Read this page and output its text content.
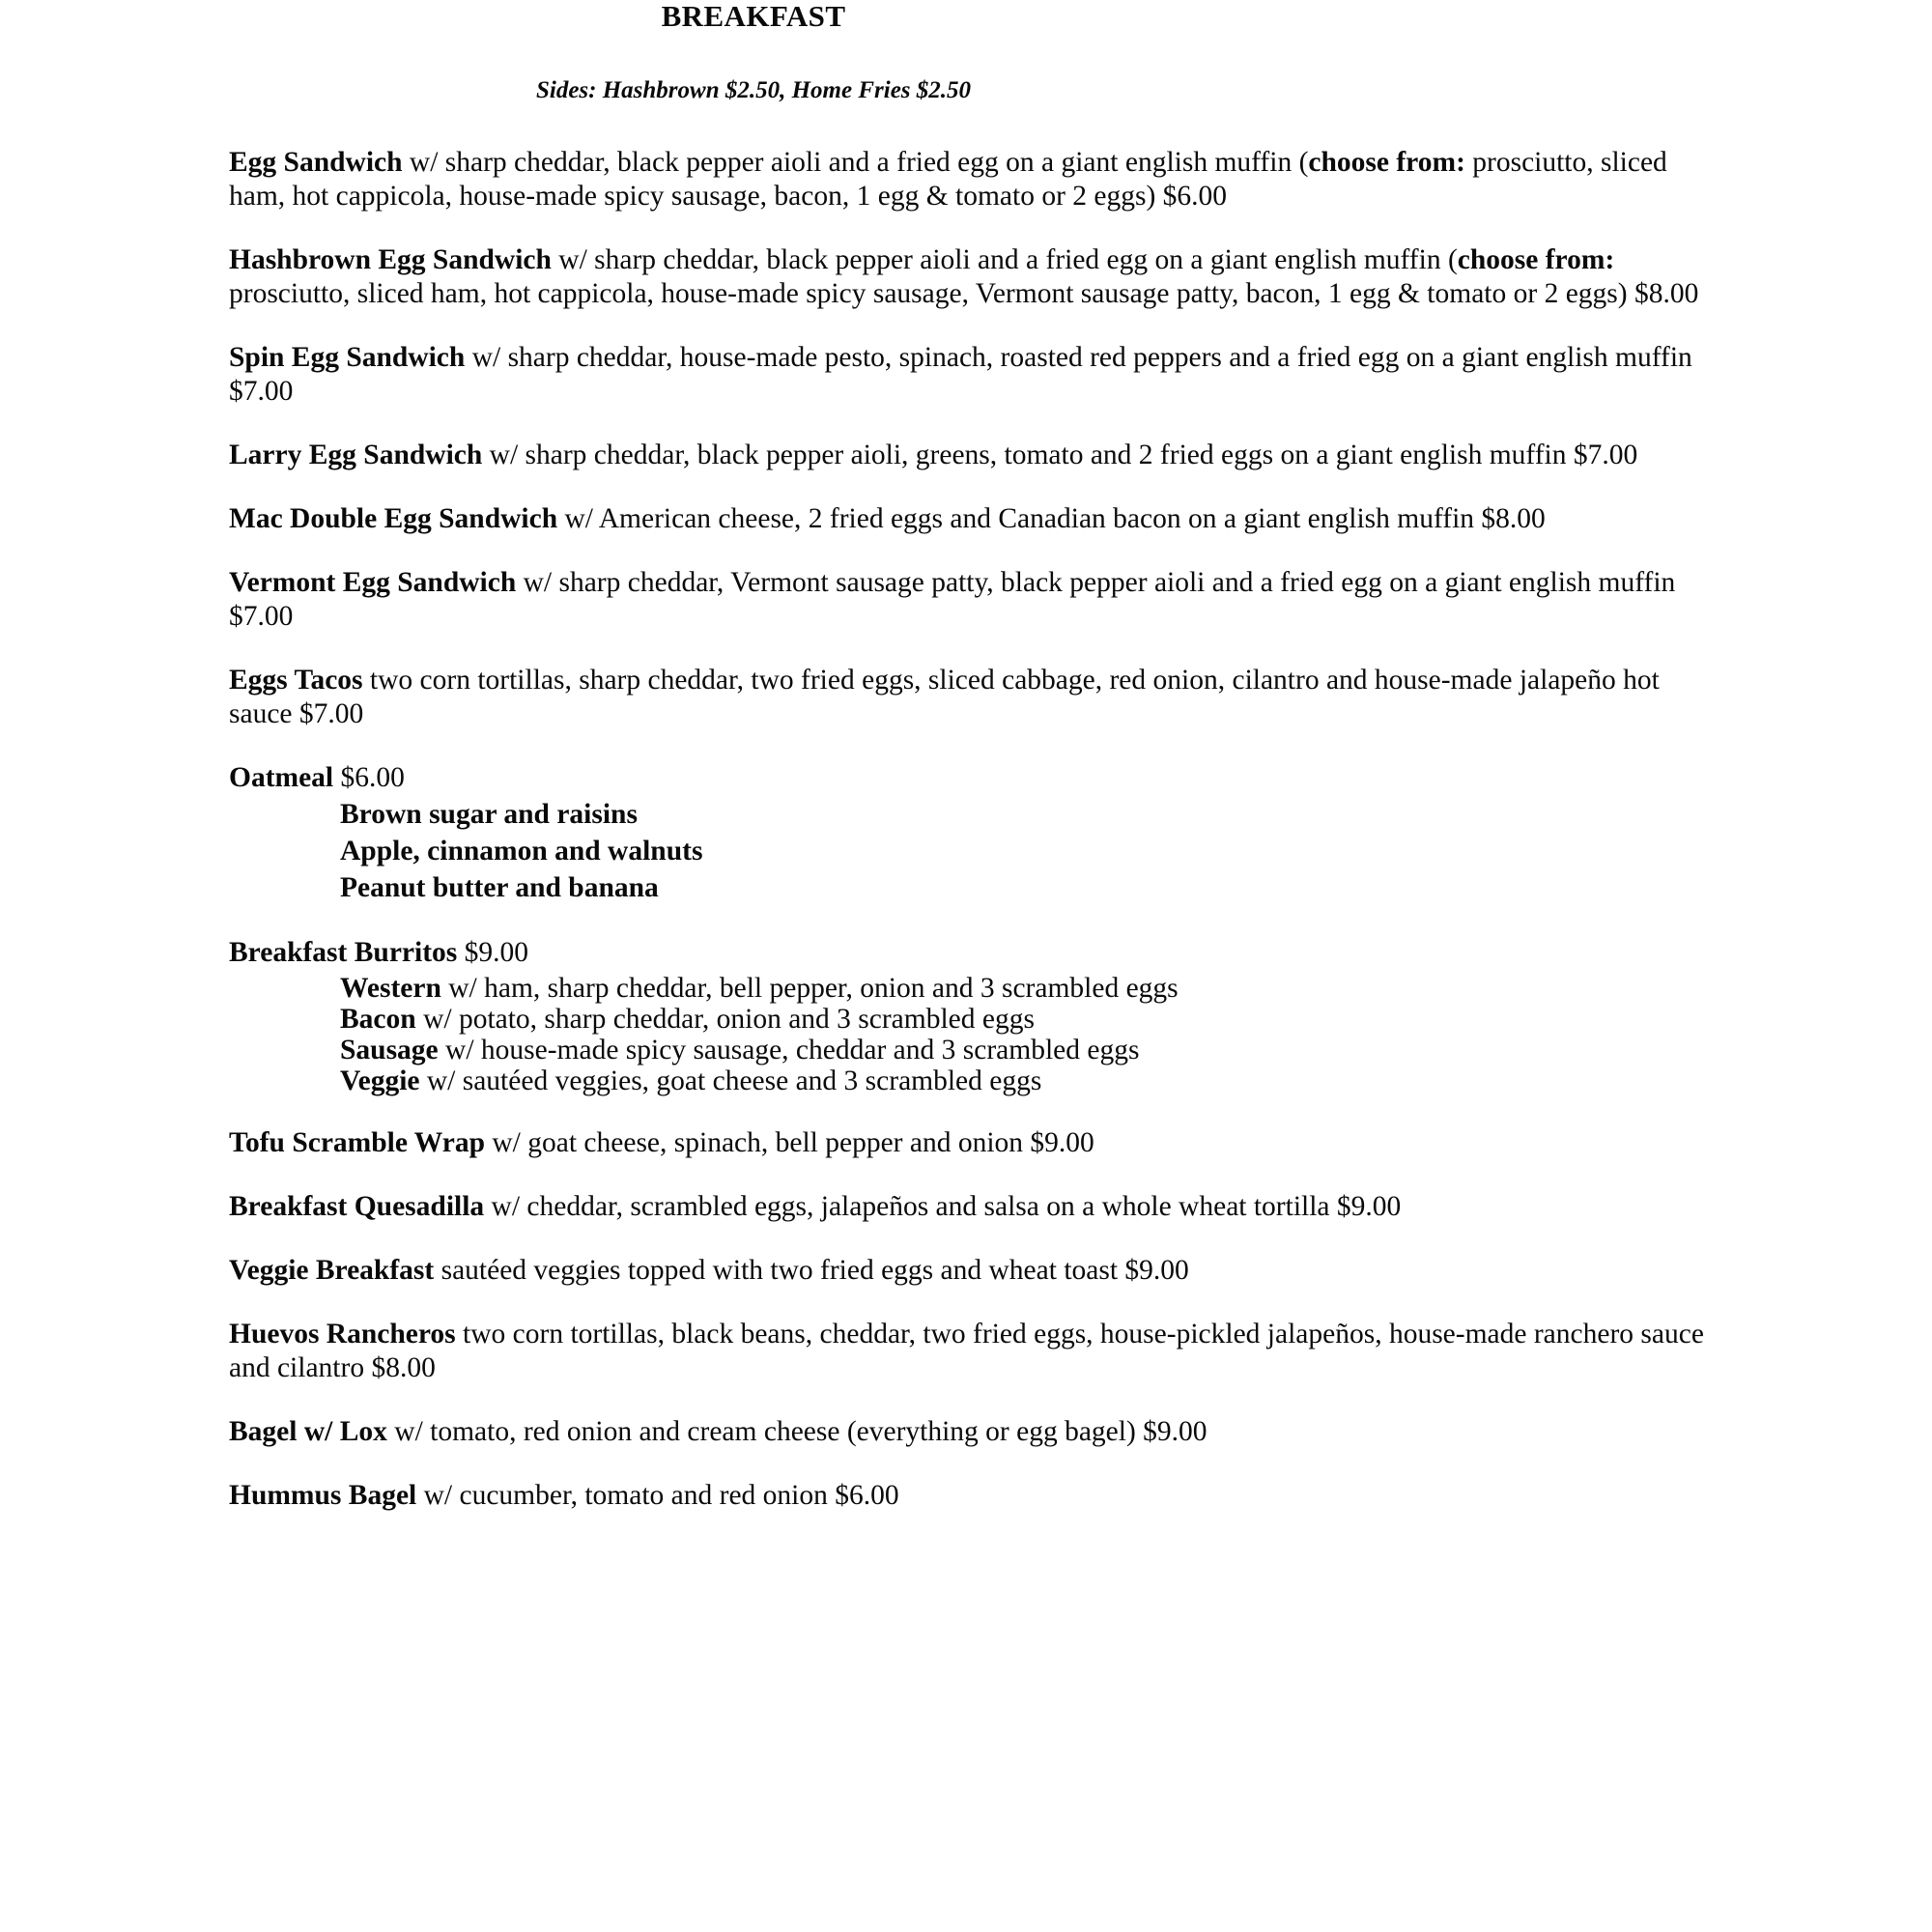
BREAKFAST
Sides: Hashbrown $2.50, Home Fries $2.50

Egg Sandwich w/ sharp cheddar, black pepper aioli and a fried egg on a giant english muffin (choose from: prosciutto, sliced ham, hot cappicola, house-made spicy sausage, bacon, 1 egg & tomato or 2 eggs) $6.00

Hashbrown Egg Sandwich w/ sharp cheddar, black pepper aioli and a fried egg on a giant english muffin (choose from: prosciutto, sliced ham, hot cappicola, house-made spicy sausage, Vermont sausage patty, bacon, 1 egg & tomato or 2 eggs) $8.00

Spin Egg Sandwich w/ sharp cheddar, house-made pesto, spinach, roasted red peppers and a fried egg on a giant english muffin $7.00

Larry Egg Sandwich w/ sharp cheddar, black pepper aioli, greens, tomato and 2 fried eggs on a giant english muffin $7.00

Mac Double Egg Sandwich w/ American cheese, 2 fried eggs and Canadian bacon on a giant english muffin $8.00

Vermont Egg Sandwich w/ sharp cheddar, Vermont sausage patty, black pepper aioli and a fried egg on a giant english muffin $7.00

Eggs Tacos two corn tortillas, sharp cheddar, two fried eggs, sliced cabbage, red onion, cilantro and house-made jalapeño hot sauce $7.00

Oatmeal $6.00
Brown sugar and raisins
Apple, cinnamon and walnuts
Peanut butter and banana
Breakfast Burritos $9.00
Western w/ ham, sharp cheddar, bell pepper, onion and 3 scrambled eggs
Bacon w/ potato, sharp cheddar, onion and 3 scrambled eggs
Sausage w/ house-made spicy sausage, cheddar and 3 scrambled eggs
Veggie w/ sautéed veggies, goat cheese and 3 scrambled eggs

Tofu Scramble Wrap w/ goat cheese, spinach, bell pepper and onion $9.00

Breakfast Quesadilla w/ cheddar, scrambled eggs, jalapeños and salsa on a whole wheat tortilla $9.00

Veggie Breakfast sautéed veggies topped with two fried eggs and wheat toast $9.00

Huevos Rancheros two corn tortillas, black beans, cheddar, two fried eggs, house-pickled jalapeños, house-made ranchero sauce and cilantro $8.00

Bagel w/ Lox w/ tomato, red onion and cream cheese (everything or egg bagel) $9.00

Hummus Bagel w/ cucumber, tomato and red onion $6.00
